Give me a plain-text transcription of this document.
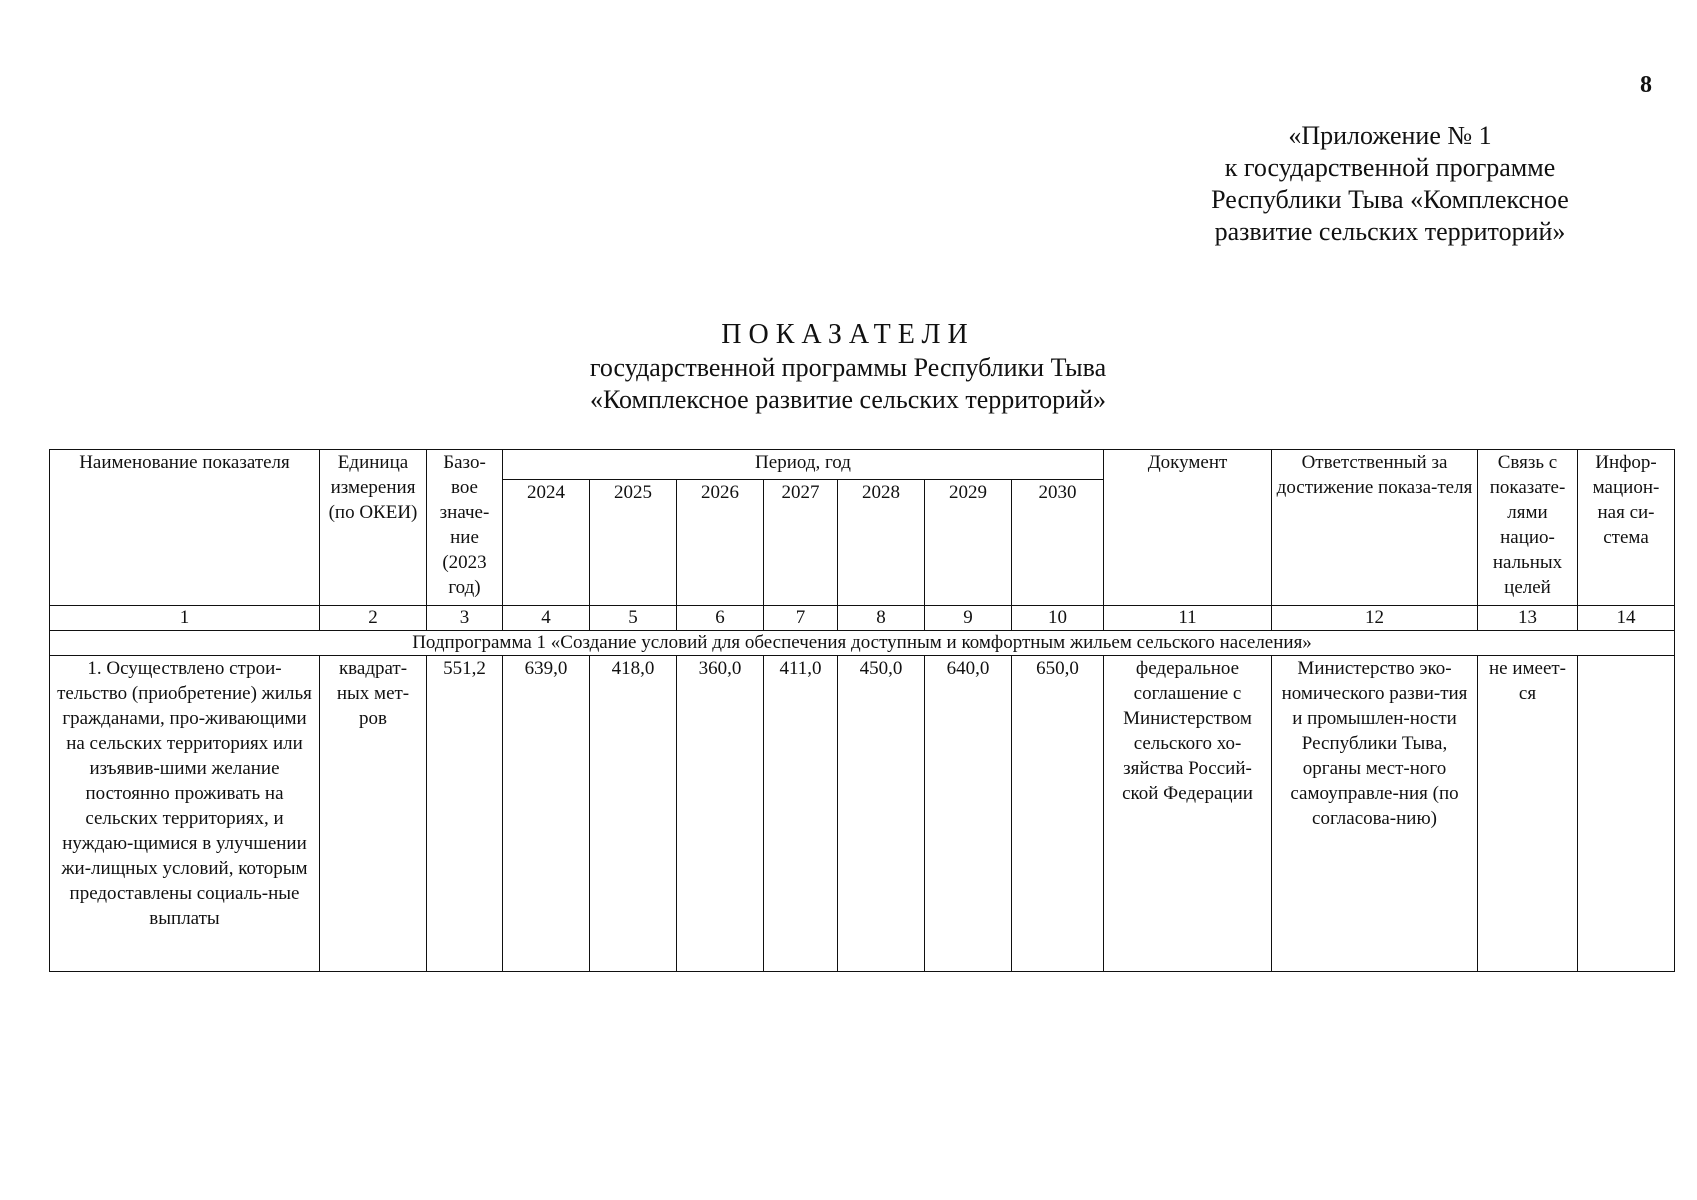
8
«Приложение № 1
к государственной программе
Республики Тыва «Комплексное
развитие сельских территорий»
ПОКАЗАТЕЛИ
государственной программы Республики Тыва
«Комплексное развитие сельских территорий»
Наименование показателя	Единица измерения (по ОКЕИ)	Базо-вое значе-ние (2023 год)	Период, год							Документ	Ответственный за достижение показа-теля	Связь с показате-лями нацио-нальных целей	Инфор-мацион-ная си-стема
			2024	2025	2026	2027	2028	2029	2030				
1	2	3	4	5	6	7	8	9	10	11	12	13	14
Подпрограмма 1 «Создание условий для обеспечения доступным и комфортным жильем сельского населения»													
1. Осуществлено строи-тельство (приобретение) жилья гражданами, про-живающими на сельских территориях или изъявив-шими желание постоянно проживать на сельских территориях, и нуждаю-щимися в улучшении жи-лищных условий, которым предоставлены социаль-ные выплаты	квадрат-ных мет-ров	551,2	639,0	418,0	360,0	411,0	450,0	640,0	650,0	федеральное соглашение с Министерством сельского хо-зяйства Россий-ской Федерации	Министерство эко-номического разви-тия и промышлен-ности Республики Тыва, органы мест-ного самоуправле-ния (по согласова-нию)	не имеет-ся	
